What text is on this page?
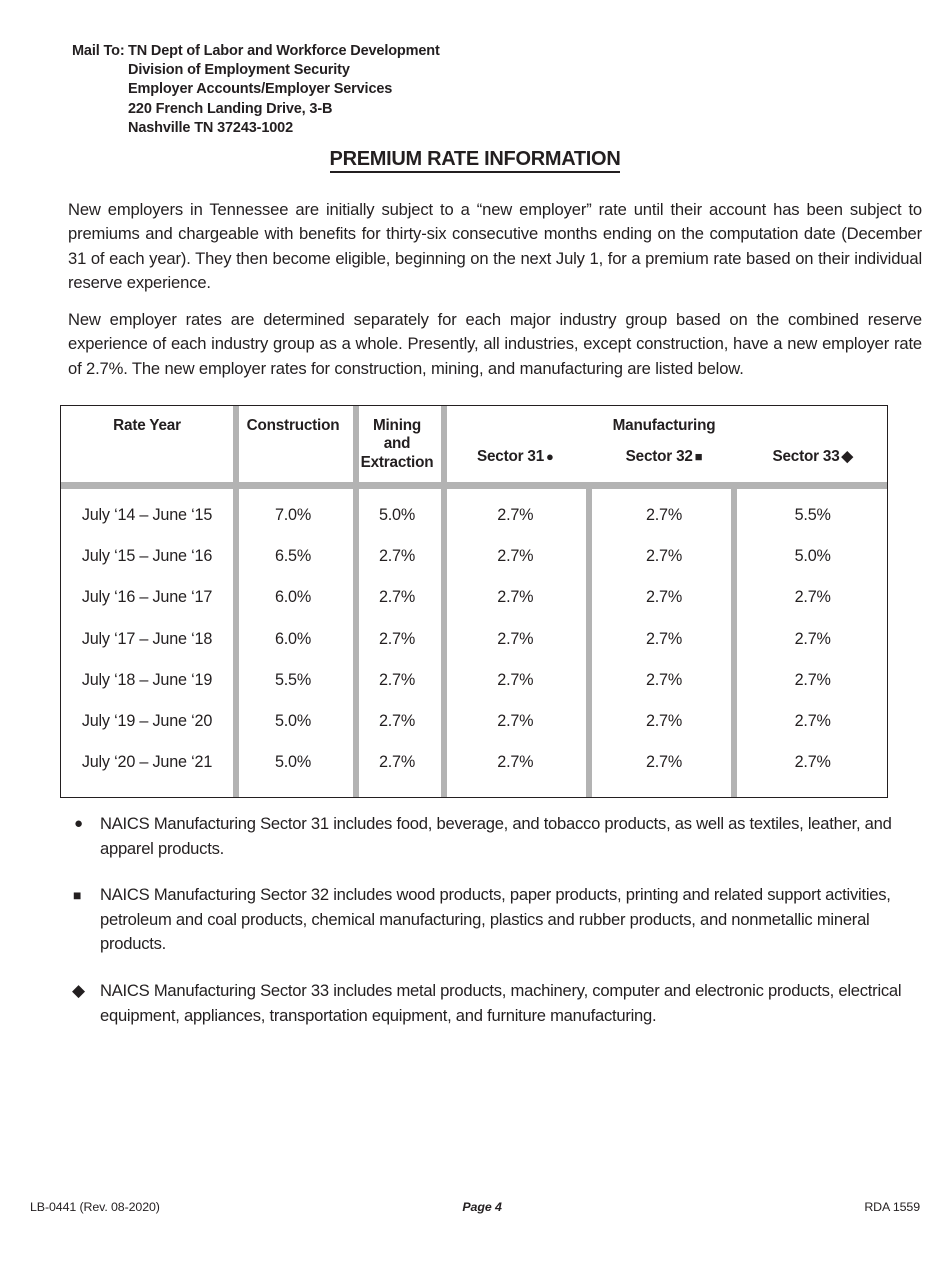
Mail To: TN Dept of Labor and Workforce Development
Division of Employment Security
Employer Accounts/Employer Services
220 French Landing Drive, 3-B
Nashville TN 37243-1002
PREMIUM RATE INFORMATION
New employers in Tennessee are initially subject to a “new employer” rate until their account has been subject to premiums and chargeable with benefits for thirty-six consecutive months ending on the computation date (December 31 of each year). They then become eligible, beginning on the next July 1, for a premium rate based on their individual reserve experience.
New employer rates are determined separately for each major industry group based on the combined reserve experience of each industry group as a whole. Presently, all industries, except construction, have a new employer rate of 2.7%. The new employer rates for construction, mining, and manufacturing are listed below.
Rate Year	Construction	Mining
and
Extraction
Manufacturing
Sector 31 ●	Sector 32 ■	Sector 33 ◆
July ‘14 – June ‘15	7.0%	5.0%	2.7%	2.7%	5.5%
July ‘15 – June ‘16	6.5%	2.7%	2.7%	2.7%	5.0%
July ‘16 – June ‘17	6.0%	2.7%	2.7%	2.7%	2.7%
July ‘17 – June ‘18	6.0%	2.7%	2.7%	2.7%	2.7%
July ‘18 – June ‘19	5.5%	2.7%	2.7%	2.7%	2.7%
July ‘19 – June ‘20	5.0%	2.7%	2.7%	2.7%	2.7%
July ‘20 – June ‘21	5.0%	2.7%	2.7%	2.7%	2.7%
● NAICS Manufacturing Sector 31 includes food, beverage, and tobacco products, as well as textiles, leather, and apparel products.
■ NAICS Manufacturing Sector 32 includes wood products, paper products, printing and related support activities, petroleum and coal products, chemical manufacturing, plastics and rubber products, and nonmetallic mineral products.
◆ NAICS Manufacturing Sector 33 includes metal products, machinery, computer and electronic products, electrical equipment, appliances, transportation equipment, and furniture manufacturing.
LB-0441 (Rev. 08-2020)	Page 4	RDA 1559
